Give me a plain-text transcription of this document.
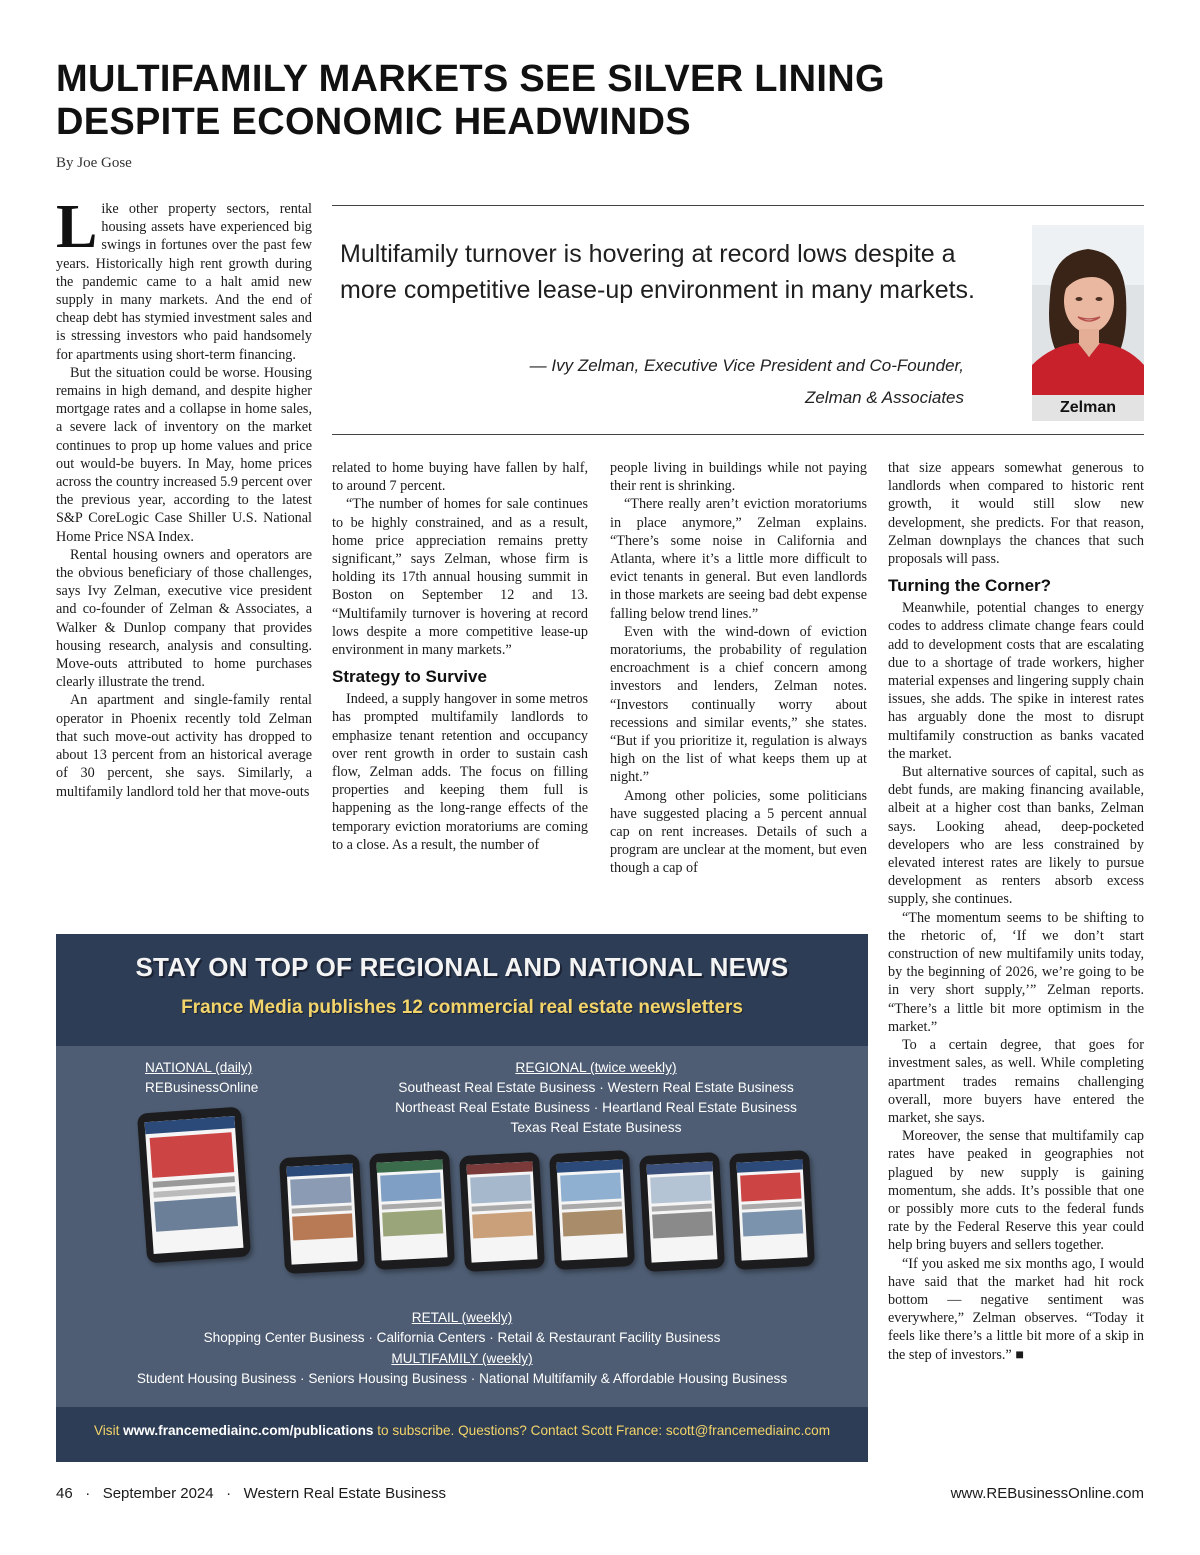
MULTIFAMILY MARKETS SEE SILVER LINING
DESPITE ECONOMIC HEADWINDS
By Joe Gose

Like other property sectors, rental housing assets have experienced big swings in fortunes over the past few years. Historically high rent growth during the pandemic came to a halt amid new supply in many markets. And the end of cheap debt has stymied investment sales and is stressing investors who paid handsomely for apartments using short-term financing.

But the situation could be worse. Housing remains in high demand, and despite higher mortgage rates and a collapse in home sales, a severe lack of inventory on the market continues to prop up home values and price out would-be buyers. In May, home prices across the country increased 5.9 percent over the previous year, according to the latest S&P CoreLogic Case Shiller U.S. National Home Price NSA Index.

Rental housing owners and operators are the obvious beneficiary of those challenges, says Ivy Zelman, executive vice president and co-founder of Zelman & Associates, a Walker & Dunlop company that provides housing research, analysis and consulting. Move-outs attributed to home purchases clearly illustrate the trend.

An apartment and single-family rental operator in Phoenix recently told Zelman that such move-out activity has dropped to about 13 percent from an historical average of 30 percent, she says. Similarly, a multifamily landlord told her that move-outs

Multifamily turnover is hovering at record lows despite a more competitive lease-up environment in many markets.
— Ivy Zelman, Executive Vice President and Co-Founder,
Zelman & Associates
Zelman

related to home buying have fallen by half, to around 7 percent.

“The number of homes for sale continues to be highly constrained, and as a result, home price appreciation remains pretty significant,” says Zelman, whose firm is holding its 17th annual housing summit in Boston on September 12 and 13. “Multifamily turnover is hovering at record lows despite a more competitive lease-up environment in many markets.”

Strategy to Survive

Indeed, a supply hangover in some metros has prompted multifamily landlords to emphasize tenant retention and occupancy over rent growth in order to sustain cash flow, Zelman adds. The focus on filling properties and keeping them full is happening as the long-range effects of the temporary eviction moratoriums are coming to a close. As a result, the number of

people living in buildings while not paying their rent is shrinking.

“There really aren’t eviction moratoriums in place anymore,” Zelman explains. “There’s some noise in California and Atlanta, where it’s a little more difficult to evict tenants in general. But even landlords in those markets are seeing bad debt expense falling below trend lines.”

Even with the wind-down of eviction moratoriums, the probability of regulation encroachment is a chief concern among investors and lenders, Zelman notes. “Investors continually worry about recessions and similar events,” she states. “But if you prioritize it, regulation is always high on the list of what keeps them up at night.”

Among other policies, some politicians have suggested placing a 5 percent annual cap on rent increases. Details of such a program are unclear at the moment, but even though a cap of

that size appears somewhat generous to landlords when compared to historic rent growth, it would still slow new development, she predicts. For that reason, Zelman downplays the chances that such proposals will pass.

Turning the Corner?

Meanwhile, potential changes to energy codes to address climate change fears could add to development costs that are escalating due to a shortage of trade workers, higher material expenses and lingering supply chain issues, she adds. The spike in interest rates has arguably done the most to disrupt multifamily construction as banks vacated the market.

But alternative sources of capital, such as debt funds, are making financing available, albeit at a higher cost than banks, Zelman says. Looking ahead, deep-pocketed developers who are less constrained by elevated interest rates are likely to pursue development as renters absorb excess supply, she continues.

“The momentum seems to be shifting to the rhetoric of, ‘If we don’t start construction of new multifamily units today, by the beginning of 2026, we’re going to be in very short supply,’” Zelman reports. “There’s a little bit more optimism in the market.”

To a certain degree, that goes for investment sales, as well. While completing apartment trades remains challenging overall, more buyers have entered the market, she says.

Moreover, the sense that multifamily cap rates have peaked in geographies not plagued by new supply is gaining momentum, she adds. It’s possible that one or possibly more cuts to the federal funds rate by the Federal Reserve this year could help bring buyers and sellers together.

“If you asked me six months ago, I would have said that the market had hit rock bottom — negative sentiment was everywhere,” Zelman observes. “Today it feels like there’s a little bit more of a skip in the step of investors.” ■

STAY ON TOP OF REGIONAL AND NATIONAL NEWS
France Media publishes 12 commercial real estate newsletters
NATIONAL (daily)
REBusinessOnline
REGIONAL (twice weekly)
Southeast Real Estate Business · Western Real Estate Business
Northeast Real Estate Business · Heartland Real Estate Business
Texas Real Estate Business
RETAIL (weekly)
Shopping Center Business · California Centers · Retail & Restaurant Facility Business
MULTIFAMILY (weekly)
Student Housing Business · Seniors Housing Business · National Multifamily & Affordable Housing Business
Visit www.francemediainc.com/publications to subscribe. Questions? Contact Scott France: scott@francemediainc.com
46   ·   September 2024   ·   Western Real Estate Business	www.REBusinessOnline.com
